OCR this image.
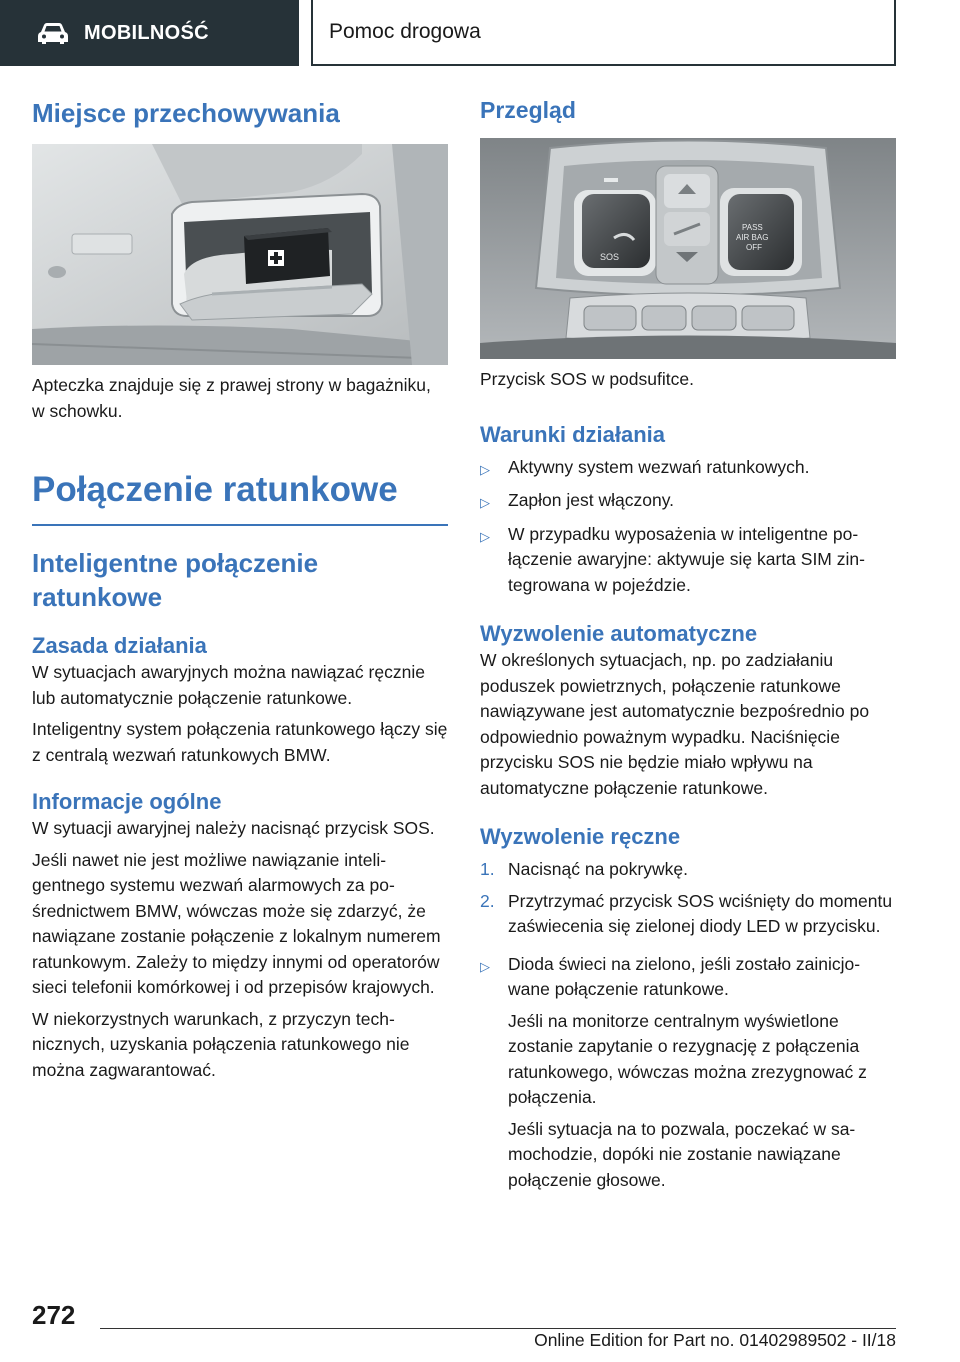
MOBILNOŚĆ	Pomoc drogowa
Miejsce przechowywania

Apteczka znajduje się z prawej strony w bagażniku, w schowku.

Połączenie ratunkowe
Inteligentne połączenie ratunkowe
Zasada działania

W sytuacjach awaryjnych można nawiązać ręcznie lub automatycznie połączenie ratunkowe.

Inteligentny system połączenia ratunkowego łączy się z centralą wezwań ratunkowych BMW.

Informacje ogólne

W sytuacji awaryjnej należy nacisnąć przycisk SOS.

Jeśli nawet nie jest możliwe nawiązanie inteligentnego systemu wezwań alarmowych za pośrednictwem BMW, wówczas może się zdarzyć, że nawiązane zostanie połączenie z lokalnym numerem ratunkowym. Zależy to między innymi od operatorów sieci telefonii komórkowej i od przepisów krajowych.

W niekorzystnych warunkach, z przyczyn technicznych, uzyskania połączenia ratunkowego nie można zagwarantować.

Przegląd
SOS
PASS
AIR BAG
OFF

Przycisk SOS w podsufitce.

Warunki działania
▷	Aktywny system wezwań ratunkowych.
▷	Zapłon jest włączony.
▷	W przypadku wyposażenia w inteligentne połączenie awaryjne: aktywuje się karta SIM zintegrowana w pojeździe.
Wyzwolenie automatyczne

W określonych sytuacjach, np. po zadziałaniu poduszek powietrznych, połączenie ratunkowe nawiązywane jest automatycznie bezpośrednio po odpowiednio poważnym wypadku. Naciśnięcie przycisku SOS nie będzie miało wpływu na automatyczne połączenie ratunkowe.

Wyzwolenie ręczne
1. Nacisnąć na pokrywkę.
2. Przytrzymać przycisk SOS wciśnięty do momentu zaświecenia się zielonej diody LED w przycisku.
▷	Dioda świeci na zielono, jeśli zostało zainicjowane połączenie ratunkowe.

Jeśli na monitorze centralnym wyświetlone zostanie zapytanie o rezygnację z połączenia ratunkowego, wówczas można zrezygnować z połączenia.

Jeśli sytuacja na to pozwala, poczekać w samochodzie, dopóki nie zostanie nawiązane połączenie głosowe.

272
Online Edition for Part no. 01402989502 - II/18
